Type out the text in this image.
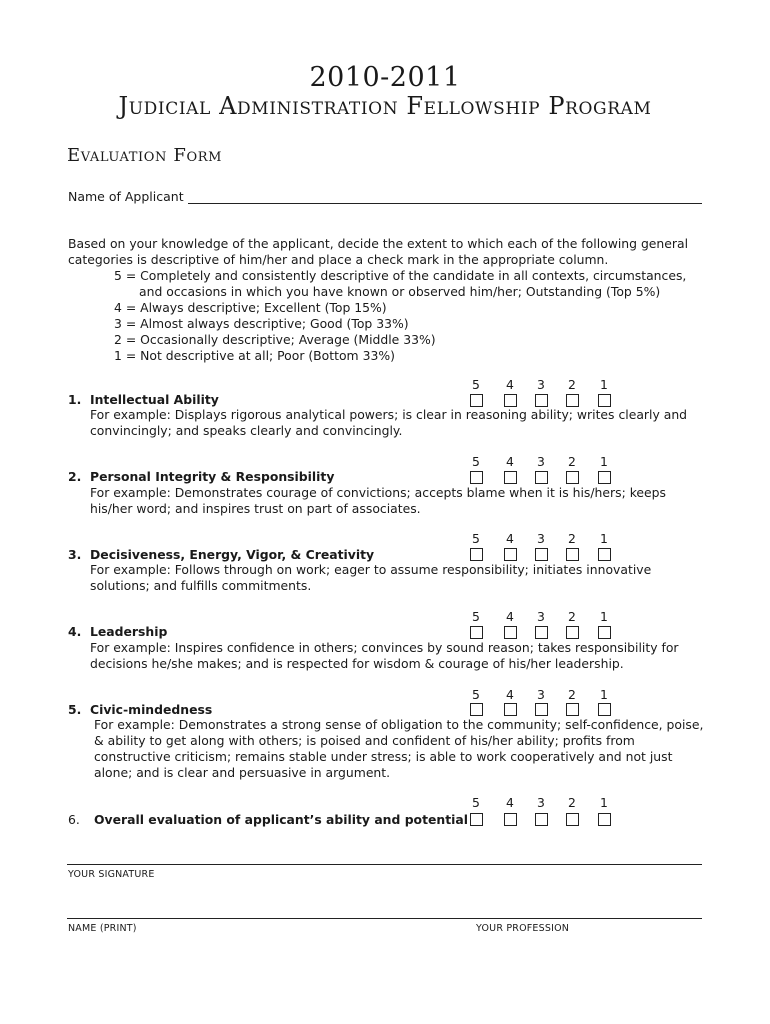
2010-2011
Judicial Administration Fellowship Program
Evaluation Form
Name of Applicant
Based on your knowledge of the applicant, decide the extent to which each of the following general categories is descriptive of him/her and place a check mark in the appropriate column.
5 = Completely and consistently descriptive of the candidate in all contexts, circumstances,
and occasions in which you have known or observed him/her; Outstanding (Top 5%)
4 = Always descriptive; Excellent (Top 15%)
3 = Almost always descriptive; Good (Top 33%)
2 = Occasionally descriptive; Average (Middle 33%)
1 = Not descriptive at all; Poor (Bottom 33%)
5	4	3	2	1
1. Intellectual Ability
For example: Displays rigorous analytical powers; is clear in reasoning ability; writes clearly and convincingly; and speaks clearly and convincingly.
5	4	3	2	1
2. Personal Integrity & Responsibility
For example: Demonstrates courage of convictions; accepts blame when it is his/hers; keeps his/her word; and inspires trust on part of associates.
5	4	3	2	1
3. Decisiveness, Energy, Vigor, & Creativity
For example: Follows through on work; eager to assume responsibility; initiates innovative solutions; and fulfills commitments.
5	4	3	2	1
4. Leadership
For example: Inspires confidence in others; convinces by sound reason; takes responsibility for decisions he/she makes; and is respected for wisdom & courage of his/her leadership.
5	4	3	2	1
5. Civic-mindedness
For example: Demonstrates a strong sense of obligation to the community; self-confidence, poise, & ability to get along with others; is poised and confident of his/her ability; profits from constructive criticism; remains stable under stress; is able to work cooperatively and not just alone; and is clear and persuasive in argument.
5	4	3	2	1
6. Overall evaluation of applicant’s ability and potential
YOUR SIGNATURE
NAME (PRINT)	YOUR PROFESSION
